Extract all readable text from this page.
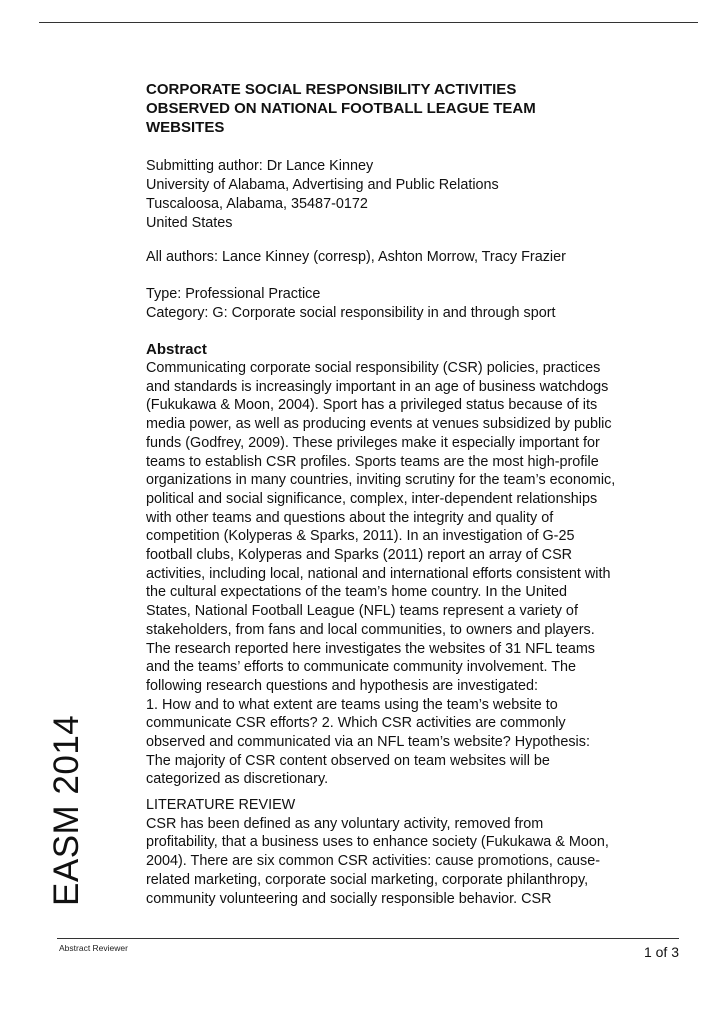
EASM 2014
CORPORATE SOCIAL RESPONSIBILITY ACTIVITIES
OBSERVED ON NATIONAL FOOTBALL LEAGUE TEAM
WEBSITES
Submitting author: Dr Lance Kinney
University of Alabama, Advertising and Public Relations
Tuscaloosa, Alabama, 35487-0172
United States
All authors: Lance Kinney (corresp), Ashton Morrow, Tracy Frazier
Type: Professional Practice
Category: G: Corporate social responsibility in and through sport
Abstract
Communicating corporate social responsibility (CSR) policies, practices
and standards is increasingly important in an age of business watchdogs
(Fukukawa & Moon, 2004). Sport has a privileged status because of its
media power, as well as producing events at venues subsidized by public
funds (Godfrey, 2009). These privileges make it especially important for
teams to establish CSR profiles. Sports teams are the most high-profile
organizations in many countries, inviting scrutiny for the team’s economic,
political and social significance, complex, inter-dependent relationships
with other teams and questions about the integrity and quality of
competition (Kolyperas & Sparks, 2011). In an investigation of G-25
football clubs, Kolyperas and Sparks (2011) report an array of CSR
activities, including local, national and international efforts consistent with
the cultural expectations of the team’s home country. In the United
States, National Football League (NFL) teams represent a variety of
stakeholders, from fans and local communities, to owners and players.
The research reported here investigates the websites of 31 NFL teams
and the teams’ efforts to communicate community involvement. The
following research questions and hypothesis are investigated:
1. How and to what extent are teams using the team’s website to
communicate CSR efforts? 2. Which CSR activities are commonly
observed and communicated via an NFL team’s website? Hypothesis:
The majority of CSR content observed on team websites will be
categorized as discretionary.
LITERATURE REVIEW
CSR has been defined as any voluntary activity, removed from
profitability, that a business uses to enhance society (Fukukawa & Moon,
2004). There are six common CSR activities: cause promotions, cause-
related marketing, corporate social marketing, corporate philanthropy,
community volunteering and socially responsible behavior. CSR
Abstract Reviewer	1 of 3
